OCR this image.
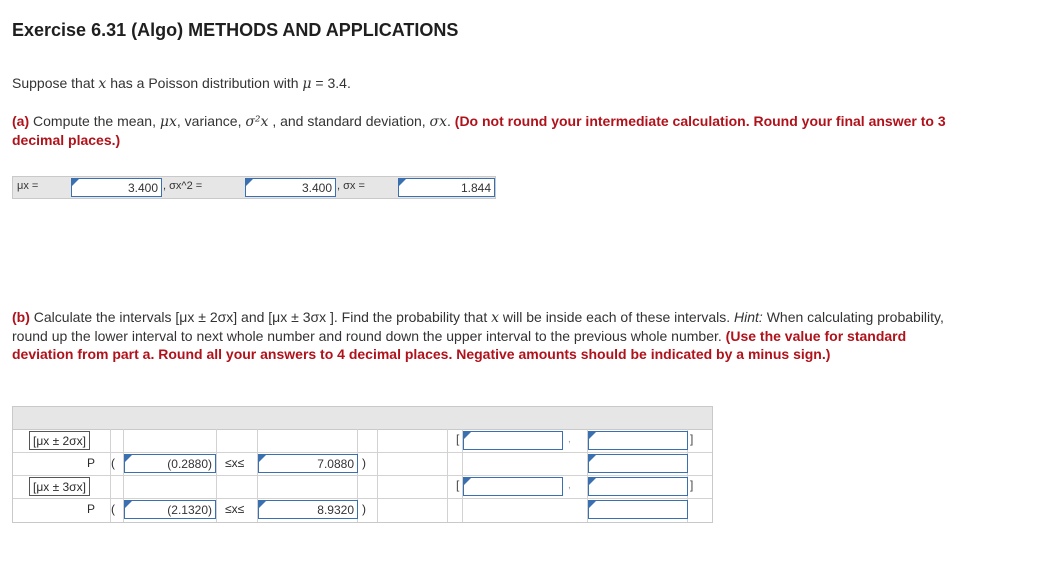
Exercise 6.31 (Algo) METHODS AND APPLICATIONS
Suppose that x has a Poisson distribution with μ = 3.4.
(a) Compute the mean, μx, variance, σ²x , and standard deviation, σx. (Do not round your intermediate calculation. Round your final answer to 3 decimal places.)
μx =	3.400 , σx^2 =	3.400 , σx =	1.844
(b) Calculate the intervals [μx ± 2σx] and [μx ± 3σx ]. Find the probability that x will be inside each of these intervals. Hint: When calculating probability, round up the lower interval to next whole number and round down the upper interval to the previous whole number. (Use the value for standard deviation from part a. Round all your answers to 4 decimal places. Negative amounts should be indicated by a minus sign.)
[μx ± 2σx]	[	,	]
P (	(0.2880)	≤x≤	7.0880 )
[μx ± 3σx]	[	,	]
P (	(2.1320)	≤x≤	8.9320 )
